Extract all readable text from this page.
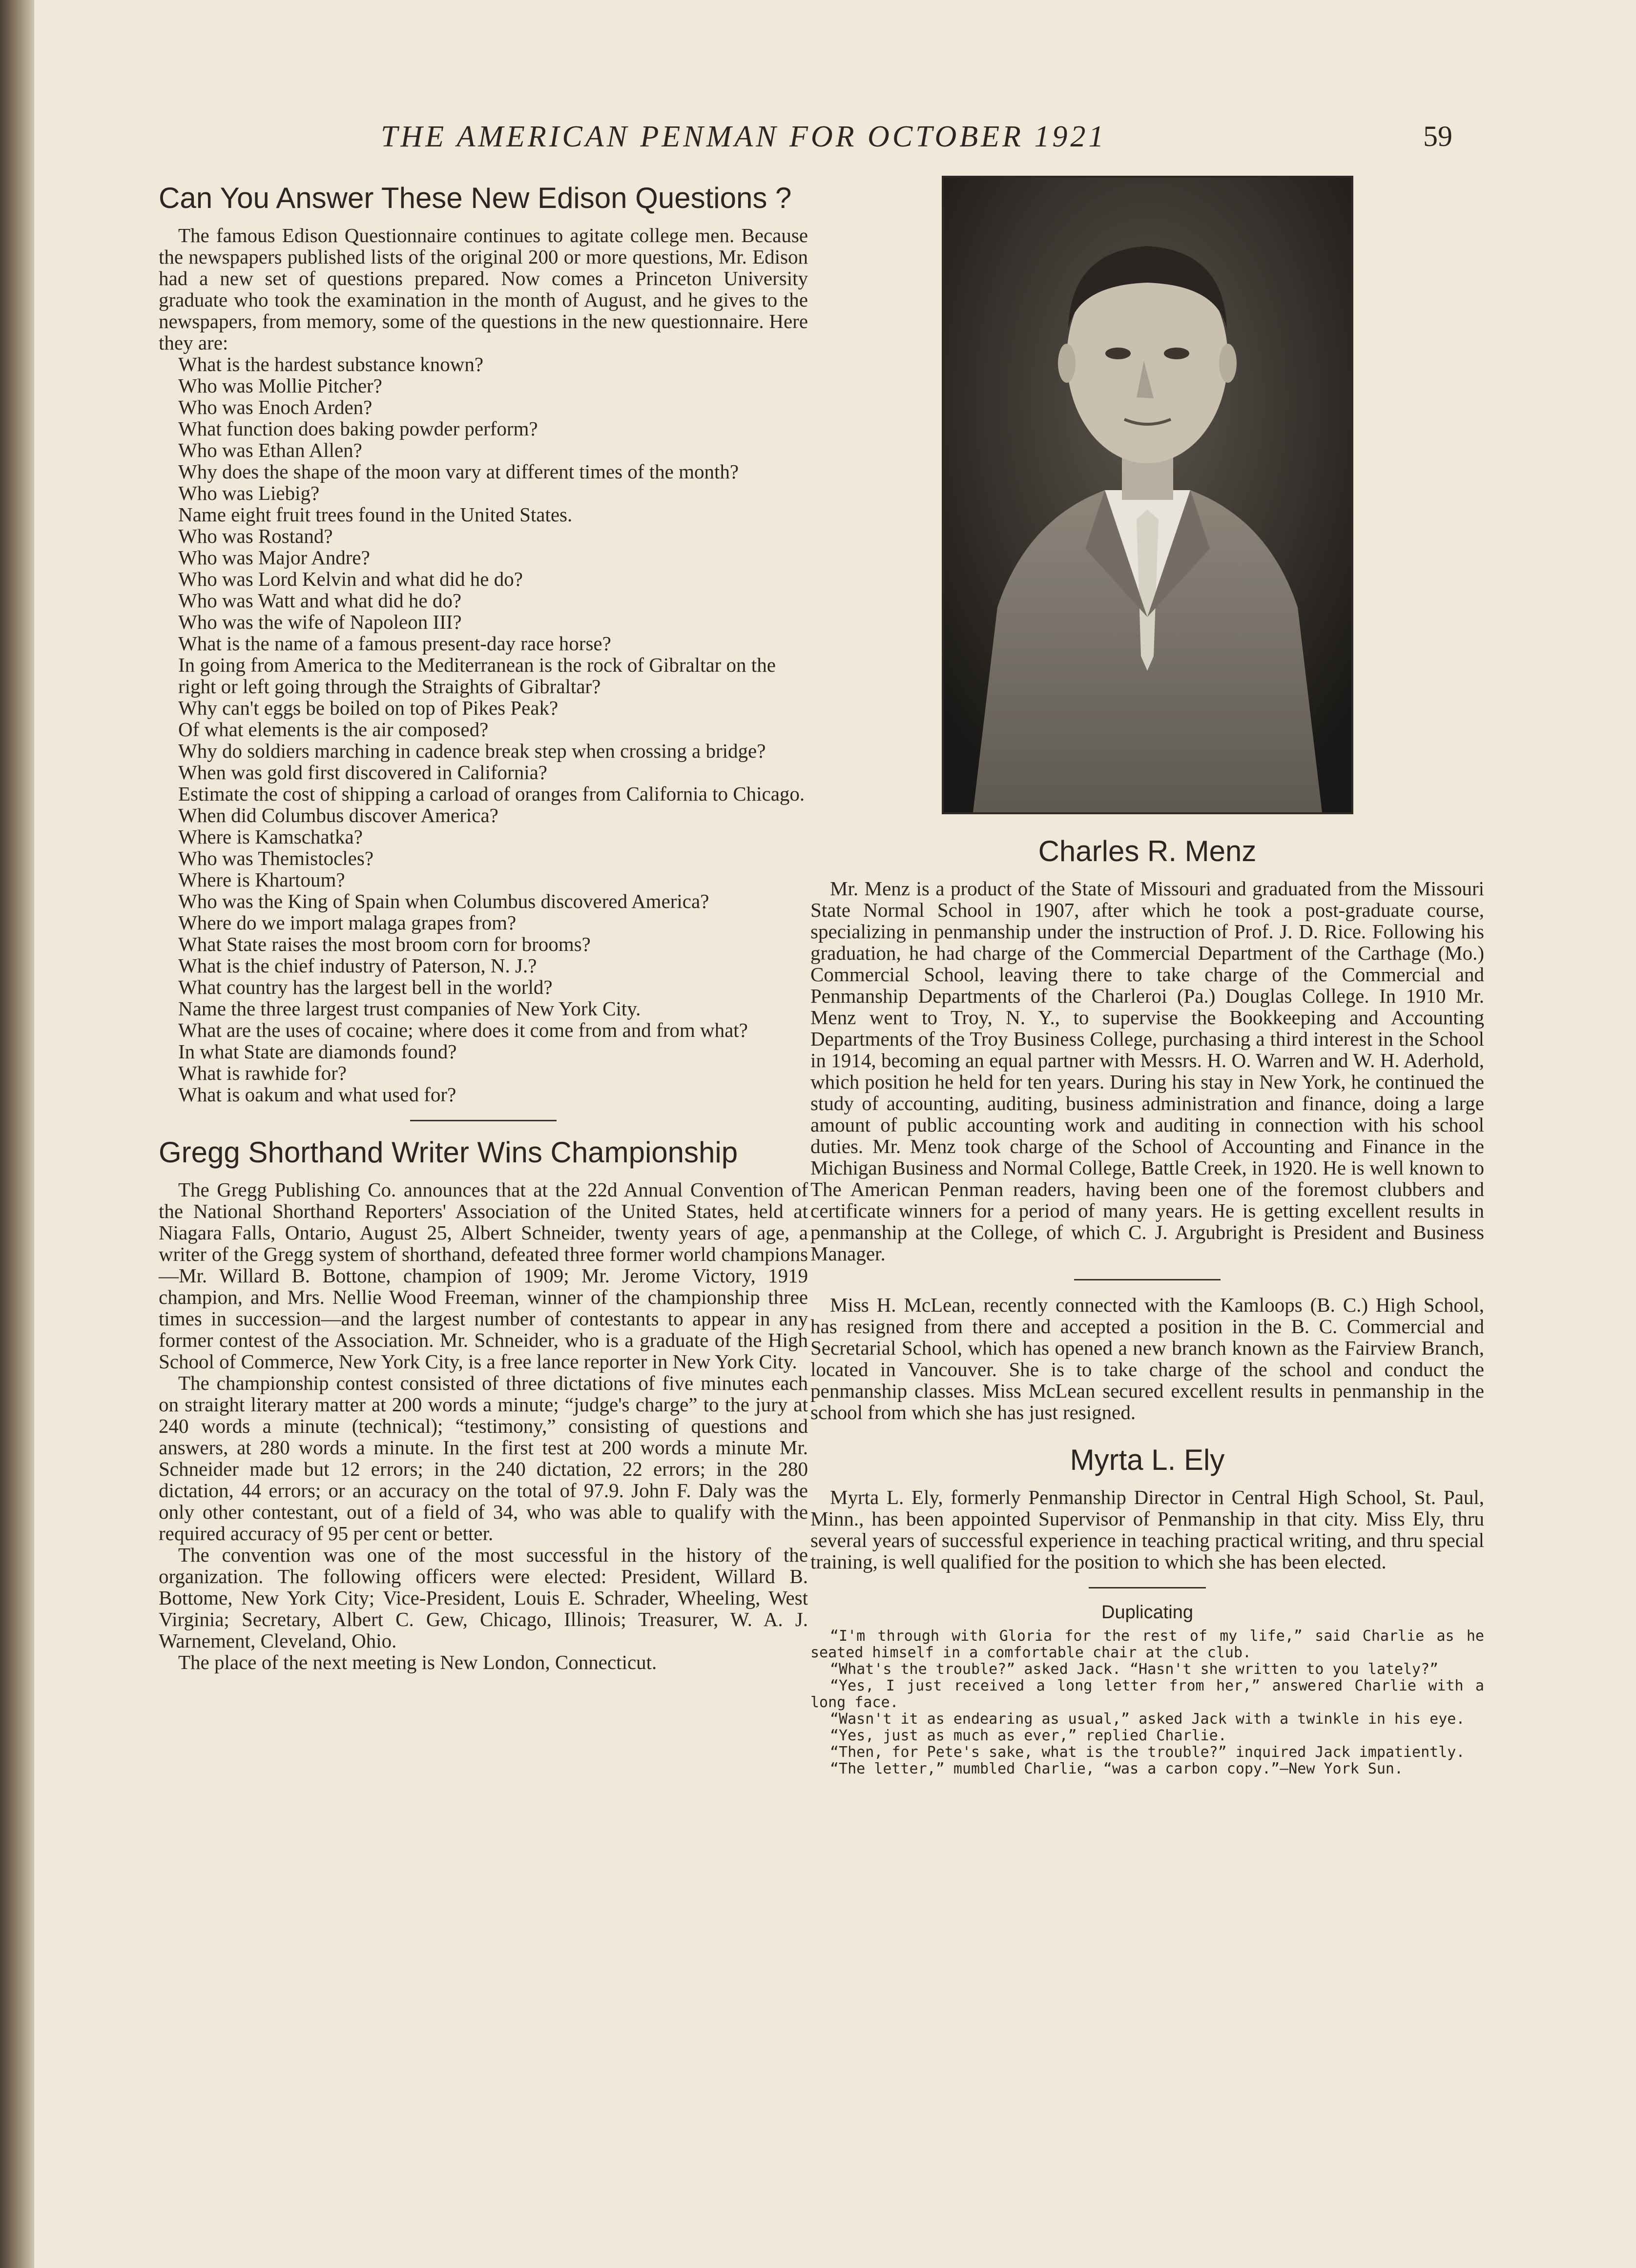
THE AMERICAN PENMAN FOR OCTOBER 1921	59
Can You Answer These New Edison Questions ?

The famous Edison Questionnaire continues to agitate college men. Because the newspapers published lists of the original 200 or more questions, Mr. Edison had a new set of questions prepared. Now comes a Princeton University graduate who took the examination in the month of August, and he gives to the newspapers, from memory, some of the questions in the new questionnaire. Here they are:

What is the hardest substance known?
Who was Mollie Pitcher?
Who was Enoch Arden?
What function does baking powder perform?
Who was Ethan Allen?
Why does the shape of the moon vary at different times of the month?
Who was Liebig?
Name eight fruit trees found in the United States.
Who was Rostand?
Who was Major Andre?
Who was Lord Kelvin and what did he do?
Who was Watt and what did he do?
Who was the wife of Napoleon III?
What is the name of a famous present-day race horse?
In going from America to the Mediterranean is the rock of Gibraltar on the right or left going through the Straights of Gibraltar?
Why can't eggs be boiled on top of Pikes Peak?
Of what elements is the air composed?
Why do soldiers marching in cadence break step when crossing a bridge?
When was gold first discovered in California?
Estimate the cost of shipping a carload of oranges from California to Chicago.
When did Columbus discover America?
Where is Kamschatka?
Who was Themistocles?
Where is Khartoum?
Who was the King of Spain when Columbus discovered America?
Where do we import malaga grapes from?
What State raises the most broom corn for brooms?
What is the chief industry of Paterson, N. J.?
What country has the largest bell in the world?
Name the three largest trust companies of New York City.
What are the uses of cocaine; where does it come from and from what?
In what State are diamonds found?
What is rawhide for?
What is oakum and what used for?
Gregg Shorthand Writer Wins Championship

The Gregg Publishing Co. announces that at the 22d Annual Convention of the National Shorthand Reporters' Association of the United States, held at Niagara Falls, Ontario, August 25, Albert Schneider, twenty years of age, a writer of the Gregg system of shorthand, defeated three former world champions—Mr. Willard B. Bottone, champion of 1909; Mr. Jerome Victory, 1919 champion, and Mrs. Nellie Wood Freeman, winner of the championship three times in succession—and the largest number of contestants to appear in any former contest of the Association. Mr. Schneider, who is a graduate of the High School of Commerce, New York City, is a free lance reporter in New York City.

The championship contest consisted of three dictations of five minutes each on straight literary matter at 200 words a minute; “judge's charge” to the jury at 240 words a minute (technical); “testimony,” consisting of questions and answers, at 280 words a minute. In the first test at 200 words a minute Mr. Schneider made but 12 errors; in the 240 dictation, 22 errors; in the 280 dictation, 44 errors; or an accuracy on the total of 97.9. John F. Daly was the only other contestant, out of a field of 34, who was able to qualify with the required accuracy of 95 per cent or better.

The convention was one of the most successful in the history of the organization. The following officers were elected: President, Willard B. Bottome, New York City; Vice-President, Louis E. Schrader, Wheeling, West Virginia; Secretary, Albert C. Gew, Chicago, Illinois; Treasurer, W. A. J. Warnement, Cleveland, Ohio.

The place of the next meeting is New London, Connecticut.

Charles R. Menz

Mr. Menz is a product of the State of Missouri and graduated from the Missouri State Normal School in 1907, after which he took a post-graduate course, specializing in penmanship under the instruction of Prof. J. D. Rice. Following his graduation, he had charge of the Commercial Department of the Carthage (Mo.) Commercial School, leaving there to take charge of the Commercial and Penmanship Departments of the Charleroi (Pa.) Douglas College. In 1910 Mr. Menz went to Troy, N. Y., to supervise the Bookkeeping and Accounting Departments of the Troy Business College, purchasing a third interest in the School in 1914, becoming an equal partner with Messrs. H. O. Warren and W. H. Aderhold, which position he held for ten years. During his stay in New York, he continued the study of accounting, auditing, business administration and finance, doing a large amount of public accounting work and auditing in connection with his school duties. Mr. Menz took charge of the School of Accounting and Finance in the Michigan Business and Normal College, Battle Creek, in 1920. He is well known to The American Penman readers, having been one of the foremost clubbers and certificate winners for a period of many years. He is getting excellent results in penmanship at the College, of which C. J. Argubright is President and Business Manager.

Miss H. McLean, recently connected with the Kamloops (B. C.) High School, has resigned from there and accepted a position in the B. C. Commercial and Secretarial School, which has opened a new branch known as the Fairview Branch, located in Vancouver. She is to take charge of the school and conduct the penmanship classes. Miss McLean secured excellent results in penmanship in the school from which she has just resigned.

Myrta L. Ely

Myrta L. Ely, formerly Penmanship Director in Central High School, St. Paul, Minn., has been appointed Supervisor of Penmanship in that city. Miss Ely, thru several years of successful experience in teaching practical writing, and thru special training, is well qualified for the position to which she has been elected.

Duplicating

“I'm through with Gloria for the rest of my life,” said Charlie as he seated himself in a comfortable chair at the club.

“What's the trouble?” asked Jack. “Hasn't she written to you lately?”

“Yes, I just received a long letter from her,” answered Charlie with a long face.

“Wasn't it as endearing as usual,” asked Jack with a twinkle in his eye.

“Yes, just as much as ever,” replied Charlie.

“Then, for Pete's sake, what is the trouble?” inquired Jack impatiently.

“The letter,” mumbled Charlie, “was a carbon copy.”—New York Sun.
